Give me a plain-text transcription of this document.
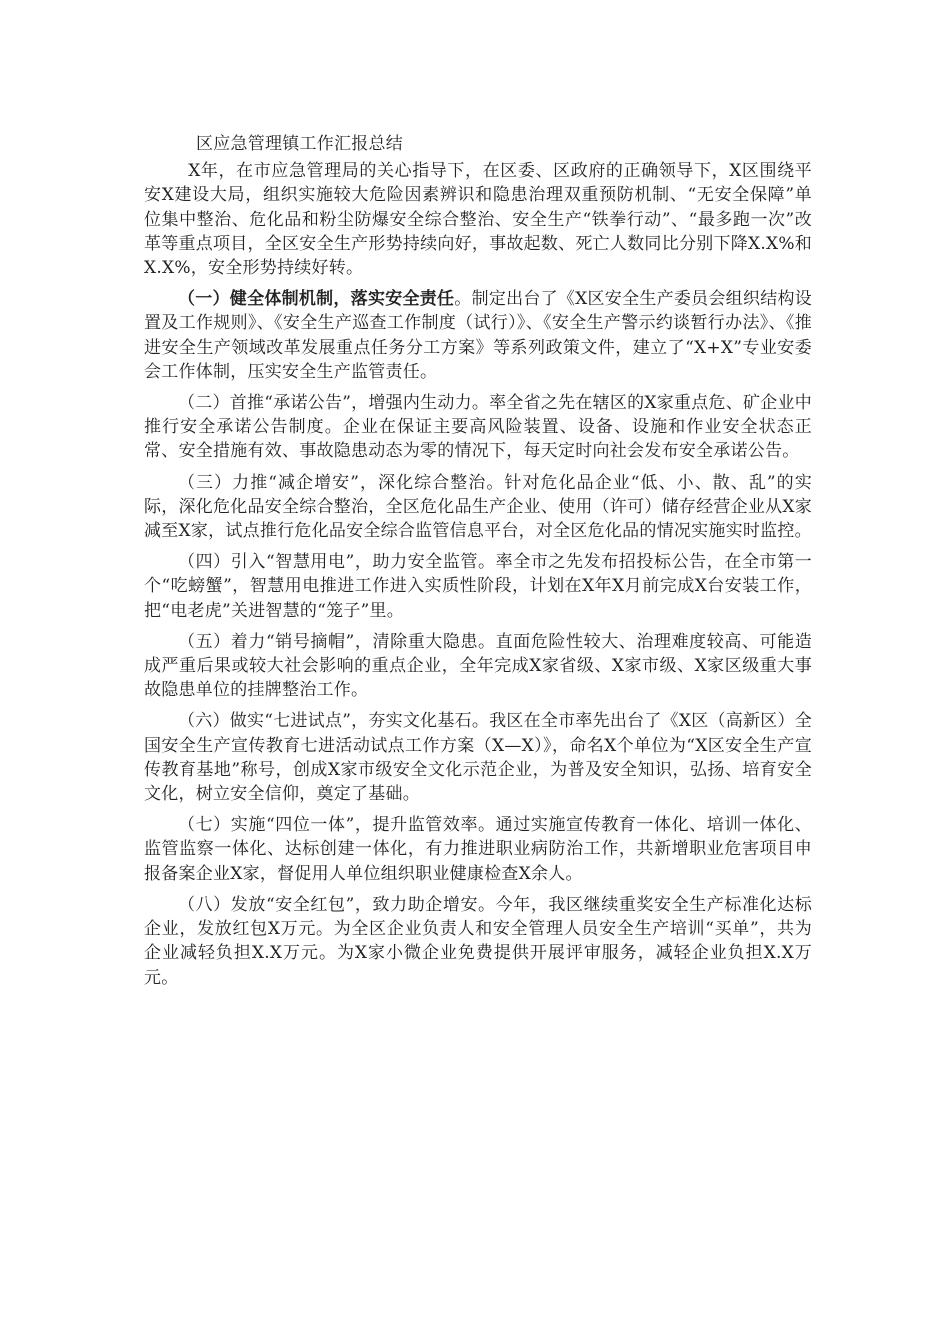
区应急管理镇工作汇报总结

X年，在市应急管理局的关心指导下，在区委、区政府的正确领导下，X区围绕平安X建设大局，组织实施较大危险因素辨识和隐患治理双重预防机制、“无安全保障”单位集中整治、危化品和粉尘防爆安全综合整治、安全生产“铁拳行动”、“最多跑一次”改革等重点项目，全区安全生产形势持续向好，事故起数、死亡人数同比分别下降X.X%和X.X%，安全形势持续好转。

（一）健全体制机制，落实安全责任。制定出台了《X区安全生产委员会组织结构设置及工作规则》、《安全生产巡查工作制度（试行）》、《安全生产警示约谈暂行办法》、《推进安全生产领域改革发展重点任务分工方案》等系列政策文件，建立了“X+X”专业安委会工作体制，压实安全生产监管责任。

（二）首推“承诺公告”，增强内生动力。率全省之先在辖区的X家重点危、矿企业中推行安全承诺公告制度。企业在保证主要高风险装置、设备、设施和作业安全状态正常、安全措施有效、事故隐患动态为零的情况下，每天定时向社会发布安全承诺公告。

（三）力推“减企增安”，深化综合整治。针对危化品企业“低、小、散、乱”的实际，深化危化品安全综合整治，全区危化品生产企业、使用（许可）储存经营企业从X家减至X家，试点推行危化品安全综合监管信息平台，对全区危化品的情况实施实时监控。

（四）引入“智慧用电”，助力安全监管。率全市之先发布招投标公告，在全市第一个“吃螃蟹”，智慧用电推进工作进入实质性阶段，计划在X年X月前完成X台安装工作，把“电老虎”关进智慧的“笼子”里。

（五）着力“销号摘帽”，清除重大隐患。直面危险性较大、治理难度较高、可能造成严重后果或较大社会影响的重点企业，全年完成X家省级、X家市级、X家区级重大事故隐患单位的挂牌整治工作。

（六）做实“七进试点”，夯实文化基石。我区在全市率先出台了《X区（高新区）全国安全生产宣传教育七进活动试点工作方案（X—X）》，命名X个单位为“X区安全生产宣传教育基地”称号，创成X家市级安全文化示范企业，为普及安全知识，弘扬、培育安全文化，树立安全信仰，奠定了基础。

（七）实施“四位一体”，提升监管效率。通过实施宣传教育一体化、培训一体化、监管监察一体化、达标创建一体化，有力推进职业病防治工作，共新增职业危害项目申报备案企业X家，督促用人单位组织职业健康检查X余人。

（八）发放“安全红包”，致力助企增安。今年，我区继续重奖安全生产标准化达标企业，发放红包X万元。为全区企业负责人和安全管理人员安全生产培训“买单”，共为企业减轻负担X.X万元。为X家小微企业免费提供开展评审服务，减轻企业负担X.X万元。
